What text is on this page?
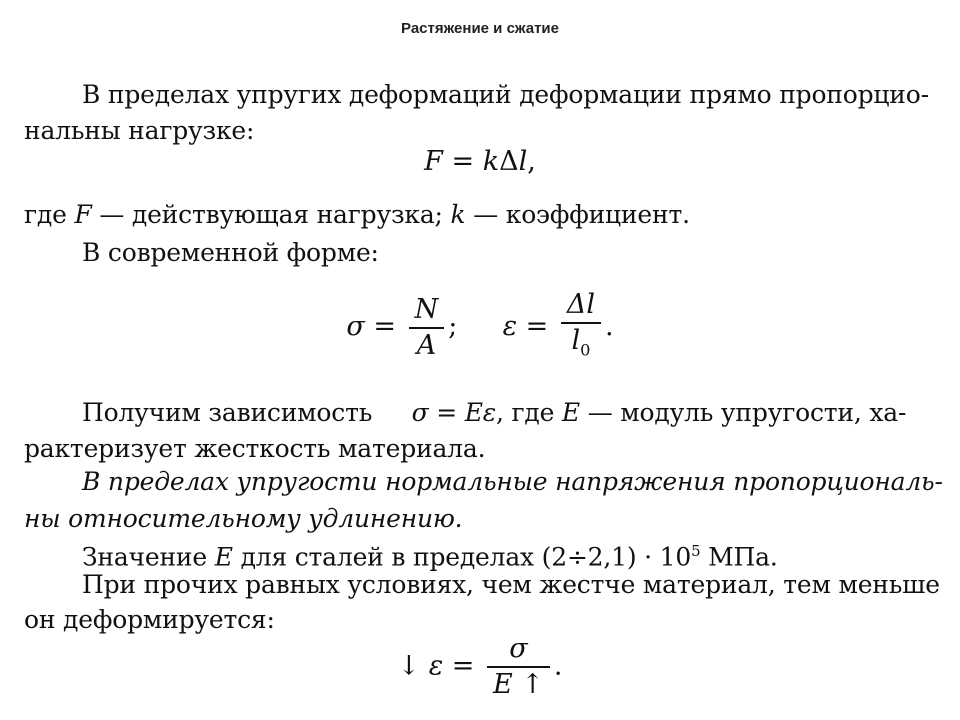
Растяжение и сжатие
В пределах упругих деформаций деформации прямо пропорцио-
нальны нагрузке:
F = kΔl,
где F — действующая нагрузка; k — коэффициент.
В современной форме:
$\sigma = \frac{N}{A}$ ; $\varepsilon = \frac{\Delta l}{l_0}$ .
Получим зависимость σ = Eε, где E — модуль упругости, ха-
рактеризует жесткость материала.
В пределах упругости нормальные напряжения пропорциональ-
ны относительному удлинению.
Значение E для сталей в пределах $(2\div 2,1) \cdot 10^5$ МПа.
При прочих равных условиях, чем жестче материал, тем меньше
он деформируется:
↓ $\varepsilon = \frac{\sigma}{E ↑}$ .
